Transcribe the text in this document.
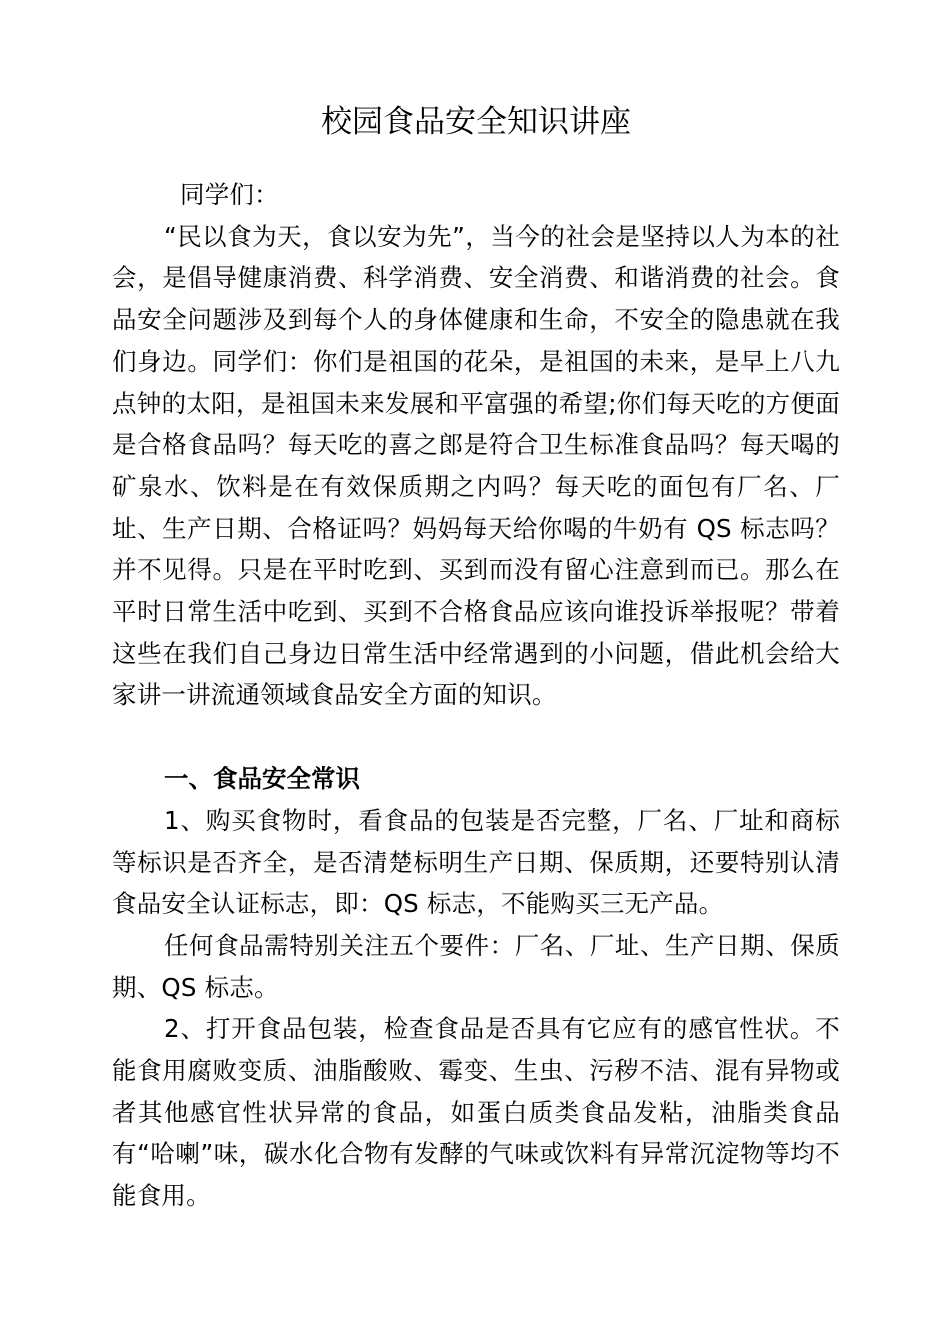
校园食品安全知识讲座

同学们：

“民以食为天，食以安为先”，当今的社会是坚持以人为本的社会，是倡导健康消费、科学消费、安全消费、和谐消费的社会。食品安全问题涉及到每个人的身体健康和生命，不安全的隐患就在我们身边。同学们：你们是祖国的花朵，是祖国的未来，是早上八九点钟的太阳，是祖国未来发展和平富强的希望;你们每天吃的方便面是合格食品吗？每天吃的喜之郎是符合卫生标准食品吗？每天喝的矿泉水、饮料是在有效保质期之内吗？每天吃的面包有厂名、厂址、生产日期、合格证吗？妈妈每天给你喝的牛奶有 QS 标志吗？并不见得。只是在平时吃到、买到而没有留心注意到而已。那么在平时日常生活中吃到、买到不合格食品应该向谁投诉举报呢？带着这些在我们自己身边日常生活中经常遇到的小问题，借此机会给大家讲一讲流通领域食品安全方面的知识。

一、食品安全常识

1、购买食物时，看食品的包装是否完整，厂名、厂址和商标等标识是否齐全，是否清楚标明生产日期、保质期，还要特别认清食品安全认证标志，即：QS 标志，不能购买三无产品。

任何食品需特别关注五个要件：厂名、厂址、生产日期、保质期、QS 标志。

2、打开食品包装，检查食品是否具有它应有的感官性状。不能食用腐败变质、油脂酸败、霉变、生虫、污秽不洁、混有异物或者其他感官性状异常的食品，如蛋白质类食品发粘，油脂类食品有“哈喇”味，碳水化合物有发酵的气味或饮料有异常沉淀物等均不能食用。
